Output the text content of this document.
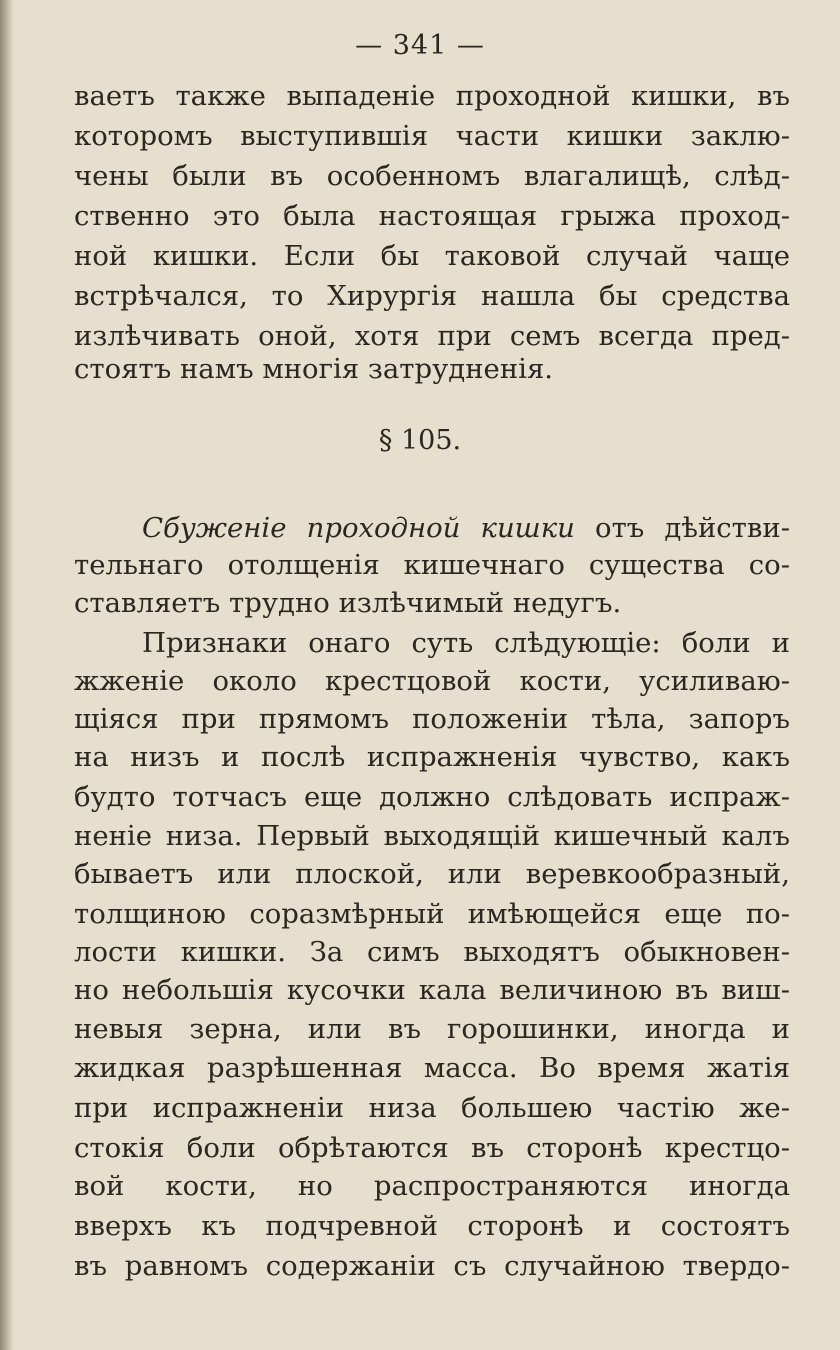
— 341 —
ваетъ также выпаденіе проходной кишки, въ
которомъ выступившія части кишки заклю-
чены были въ особенномъ влагалищѣ, слѣд-
ственно это была настоящая грыжа проход-
ной кишки. Если бы таковой случай чаще
встрѣчался, то Хирургія нашла бы средства
излѣчивать оной, хотя при семъ всегда пред-
стоятъ намъ многія затрудненія.
§ 105.
Сбуженіе проходной кишки отъ дѣйстви-
тельнаго отолщенія кишечнаго существа со-
ставляетъ трудно излѣчимый недугъ.
Признаки онаго суть слѣдующіе: боли и
жженіе около крестцовой кости, усиливаю-
щіяся при прямомъ положеніи тѣла, запоръ
на низъ и послѣ испражненія чувство, какъ
будто тотчасъ еще должно слѣдовать испраж-
неніе низа. Первый выходящій кишечный калъ
бываетъ или плоской, или веревкообразный,
толщиною соразмѣрный имѣющейся еще по-
лости кишки. За симъ выходятъ обыкновен-
но небольшія кусочки кала величиною въ виш-
невыя зерна, или въ горошинки, иногда и
жидкая разрѣшенная масса. Во время жатія
при испражненіи низа большею частію же-
стокія боли обрѣтаются въ сторонѣ крестцо-
вой кости, но распространяются иногда
вверхъ къ подчревной сторонѣ и состоятъ
въ равномъ содержаніи съ случайною твердо-
